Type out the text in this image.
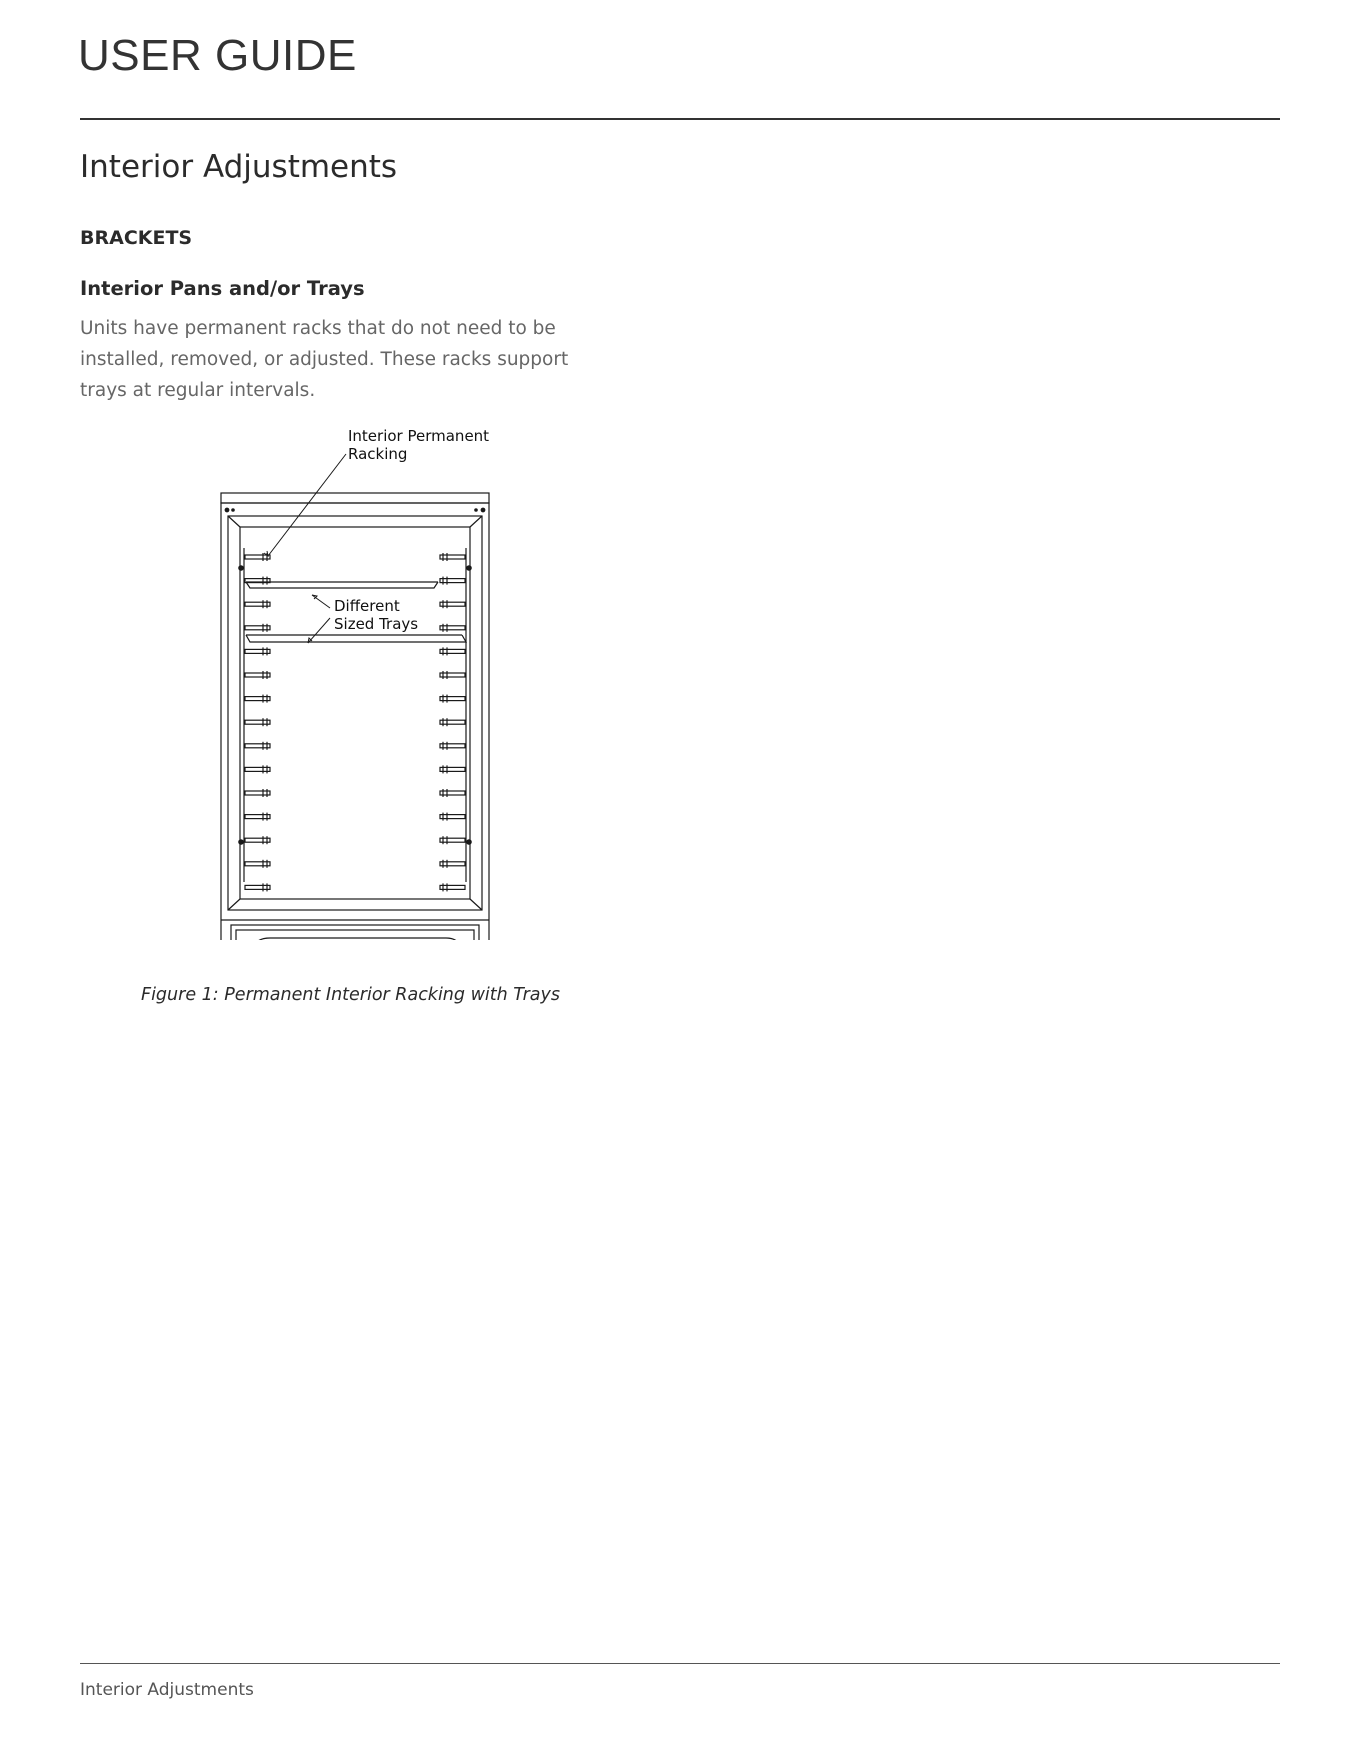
USER GUIDE
Interior Adjustments
BRACKETS
Interior Pans and/or Trays

Units have permanent racks that do not need to be installed, removed, or adjusted. These racks support trays at regular intervals.

Interior Permanent
Racking
Different
Sized Trays

Figure 1: Permanent Interior Racking with Trays

Interior Adjustments
